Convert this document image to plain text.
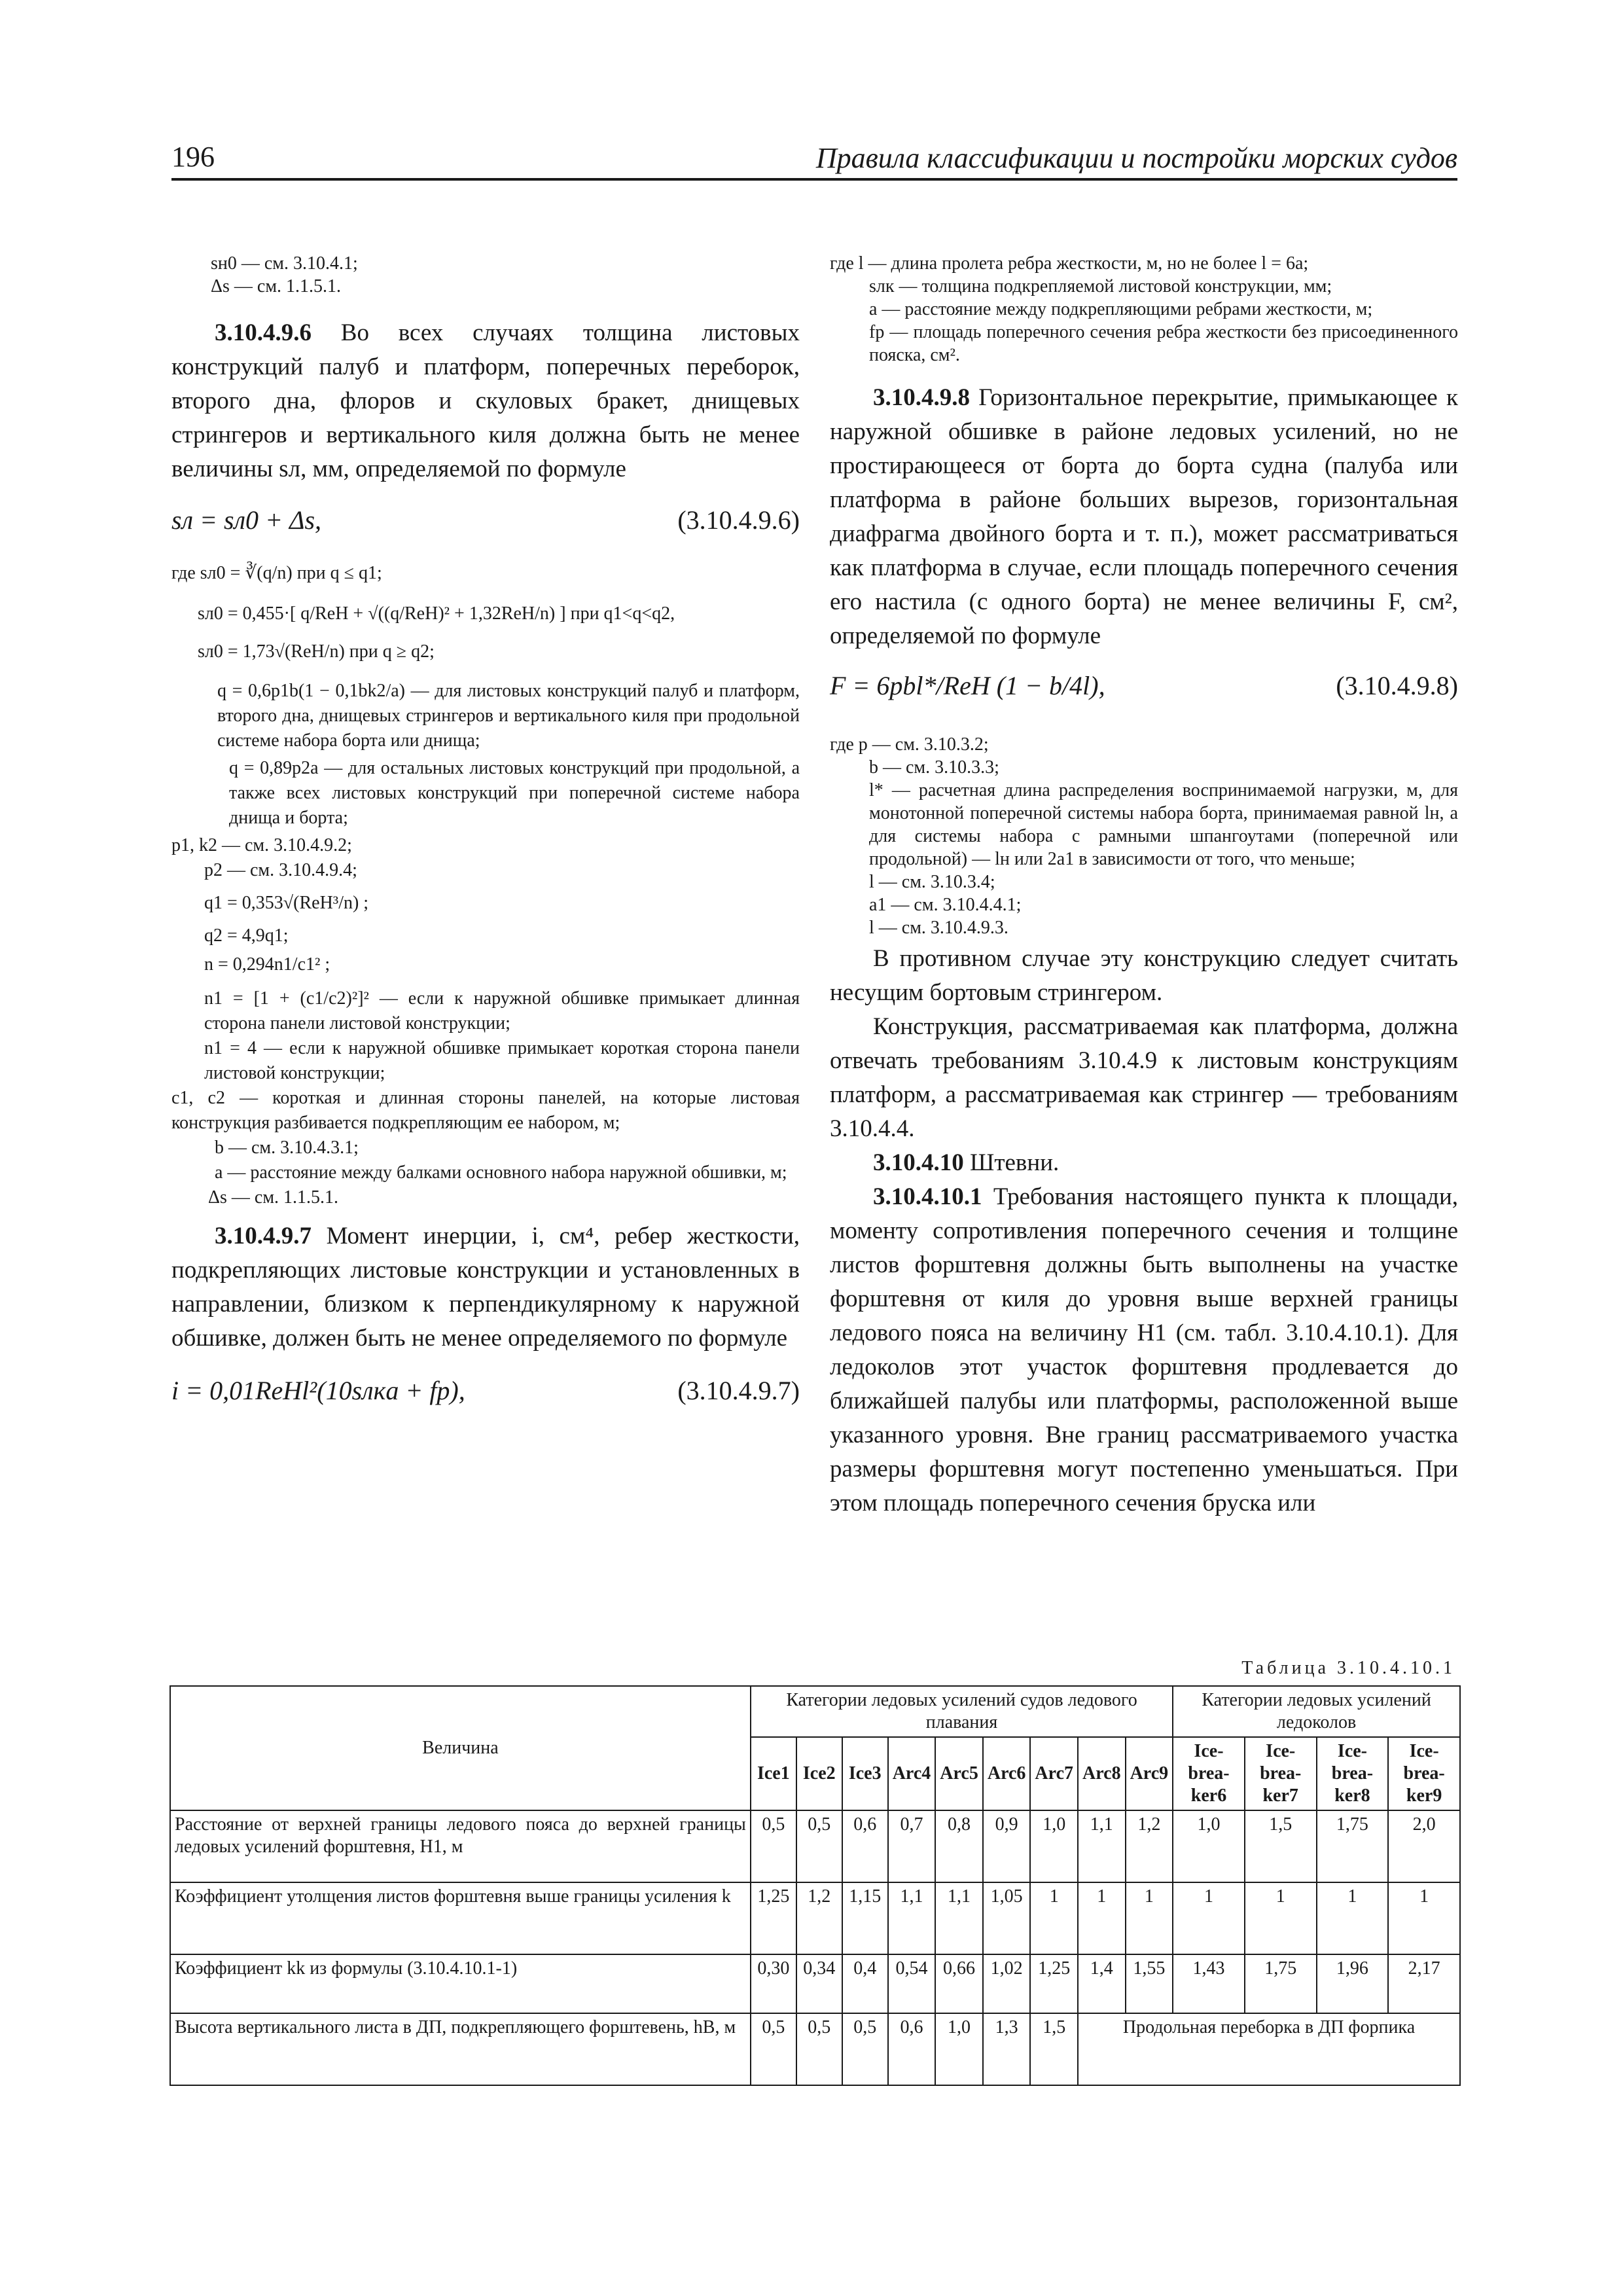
196	Правила классификации и постройки морских судов
sн0 — см. 3.10.4.1;
Δs — см. 1.1.5.1.

3.10.4.9.6 Во всех случаях толщина листовых конструкций палуб и платформ, поперечных переборок, второго дна, флоров и скуловых бракет, днищевых стрингеров и вертикального киля должна быть не менее величины sл, мм, определяемой по формуле

sл = sл0 + Δs,	(3.10.4.9.6)
где sл0 = ∛(q/n) при q ≤ q1;
sл0 = 0,455·[ q/ReH + √((q/ReH)² + 1,32ReH/n) ] при q1<q<q2,
sл0 = 1,73√(ReH/n) при q ≥ q2;
q = 0,6p1b(1 − 0,1bk2/a) — для листовых конструкций палуб и платформ, второго дна, днищевых стрингеров и вертикального киля при продольной системе набора борта или днища;
q = 0,89p2a — для остальных листовых конструкций при продольной, а также всех листовых конструкций при поперечной системе набора днища и борта;
p1, k2 — см. 3.10.4.9.2;
p2 — см. 3.10.4.9.4;
q1 = 0,353√(ReH³/n) ;
q2 = 4,9q1;
n = 0,294n1/c1² ;
n1 = [1 + (c1/c2)²]² — если к наружной обшивке примыкает длинная сторона панели листовой конструкции;
n1 = 4 — если к наружной обшивке примыкает короткая сторона панели листовой конструкции;
c1, c2 — короткая и длинная стороны панелей, на которые листовая конструкция разбивается подкрепляющим ее набором, м;
b — см. 3.10.4.3.1;
a — расстояние между балками основного набора наружной обшивки, м;
Δs — см. 1.1.5.1.

3.10.4.9.7 Момент инерции, i, см⁴, ребер жесткости, подкрепляющих листовые конструкции и установленных в направлении, близком к перпендикулярному к наружной обшивке, должен быть не менее определяемого по формуле

i = 0,01ReHl²(10sлкa + fр),	(3.10.4.9.7)
где l — длина пролета ребра жесткости, м, но не более l = 6a;
sлк — толщина подкрепляемой листовой конструкции, мм;
a — расстояние между подкрепляющими ребрами жесткости, м;
fр — площадь поперечного сечения ребра жесткости без присоединенного пояска, см².

3.10.4.9.8 Горизонтальное перекрытие, примыкающее к наружной обшивке в районе ледовых усилений, но не простирающееся от борта до борта судна (палуба или платформа в районе больших вырезов, горизонтальная диафрагма двойного борта и т. п.), может рассматриваться как платформа в случае, если площадь поперечного сечения его настила (с одного борта) не менее величины F, см², определяемой по формуле

F = 6pbl*/ReH (1 − b/4l),	(3.10.4.9.8)
где p — см. 3.10.3.2;
b — см. 3.10.3.3;
l* — расчетная длина распределения воспринимаемой нагрузки, м, для монотонной поперечной системы набора борта, принимаемая равной lн, а для системы набора с рамными шпангоутами (поперечной или продольной) — lн или 2a1 в зависимости от того, что меньше;
l — см. 3.10.3.4;
a1 — см. 3.10.4.4.1;
l — см. 3.10.4.9.3.

В противном случае эту конструкцию следует считать несущим бортовым стрингером.

Конструкция, рассматриваемая как платформа, должна отвечать требованиям 3.10.4.9 к листовым конструкциям платформ, а рассматриваемая как стрингер — требованиям 3.10.4.4.

3.10.4.10 Штевни.

3.10.4.10.1 Требования настоящего пункта к площади, моменту сопротивления поперечного сечения и толщине листов форштевня должны быть выполнены на участке форштевня от киля до уровня выше верхней границы ледового пояса на величину H1 (см. табл. 3.10.4.10.1). Для ледоколов этот участок форштевня продлевается до ближайшей палубы или платформы, расположенной выше указанного уровня. Вне границ рассматриваемого участка размеры форштевня могут постепенно уменьшаться. При этом площадь поперечного сечения бруска или

Таблица 3.10.4.10.1
Величина	Категории ледовых усилений судов ледового плавания									Категории ледовых усилений ледоколов			
	Ice1	Ice2	Ice3	Arc4	Arc5	Arc6	Arc7	Arc8	Arc9	Ice-brea-ker6	Ice-brea-ker7	Ice-brea-ker8	Ice-brea-ker9
Расстояние от верхней границы ледового пояса до верхней границы ледовых усилений форштевня, H1, м	0,5	0,5	0,6	0,7	0,8	0,9	1,0	1,1	1,2	1,0	1,5	1,75	2,0
Коэффициент утолщения листов форштевня выше границы усиления k	1,25	1,2	1,15	1,1	1,1	1,05	1	1	1	1	1	1	1
Коэффициент kk из формулы (3.10.4.10.1-1)	0,30	0,34	0,4	0,54	0,66	1,02	1,25	1,4	1,55	1,43	1,75	1,96	2,17
Высота вертикального листа в ДП, подкрепляющего форштевень, hВ, м	0,5	0,5	0,5	0,6	1,0	1,3	1,5	Продольная переборка в ДП форпика					
